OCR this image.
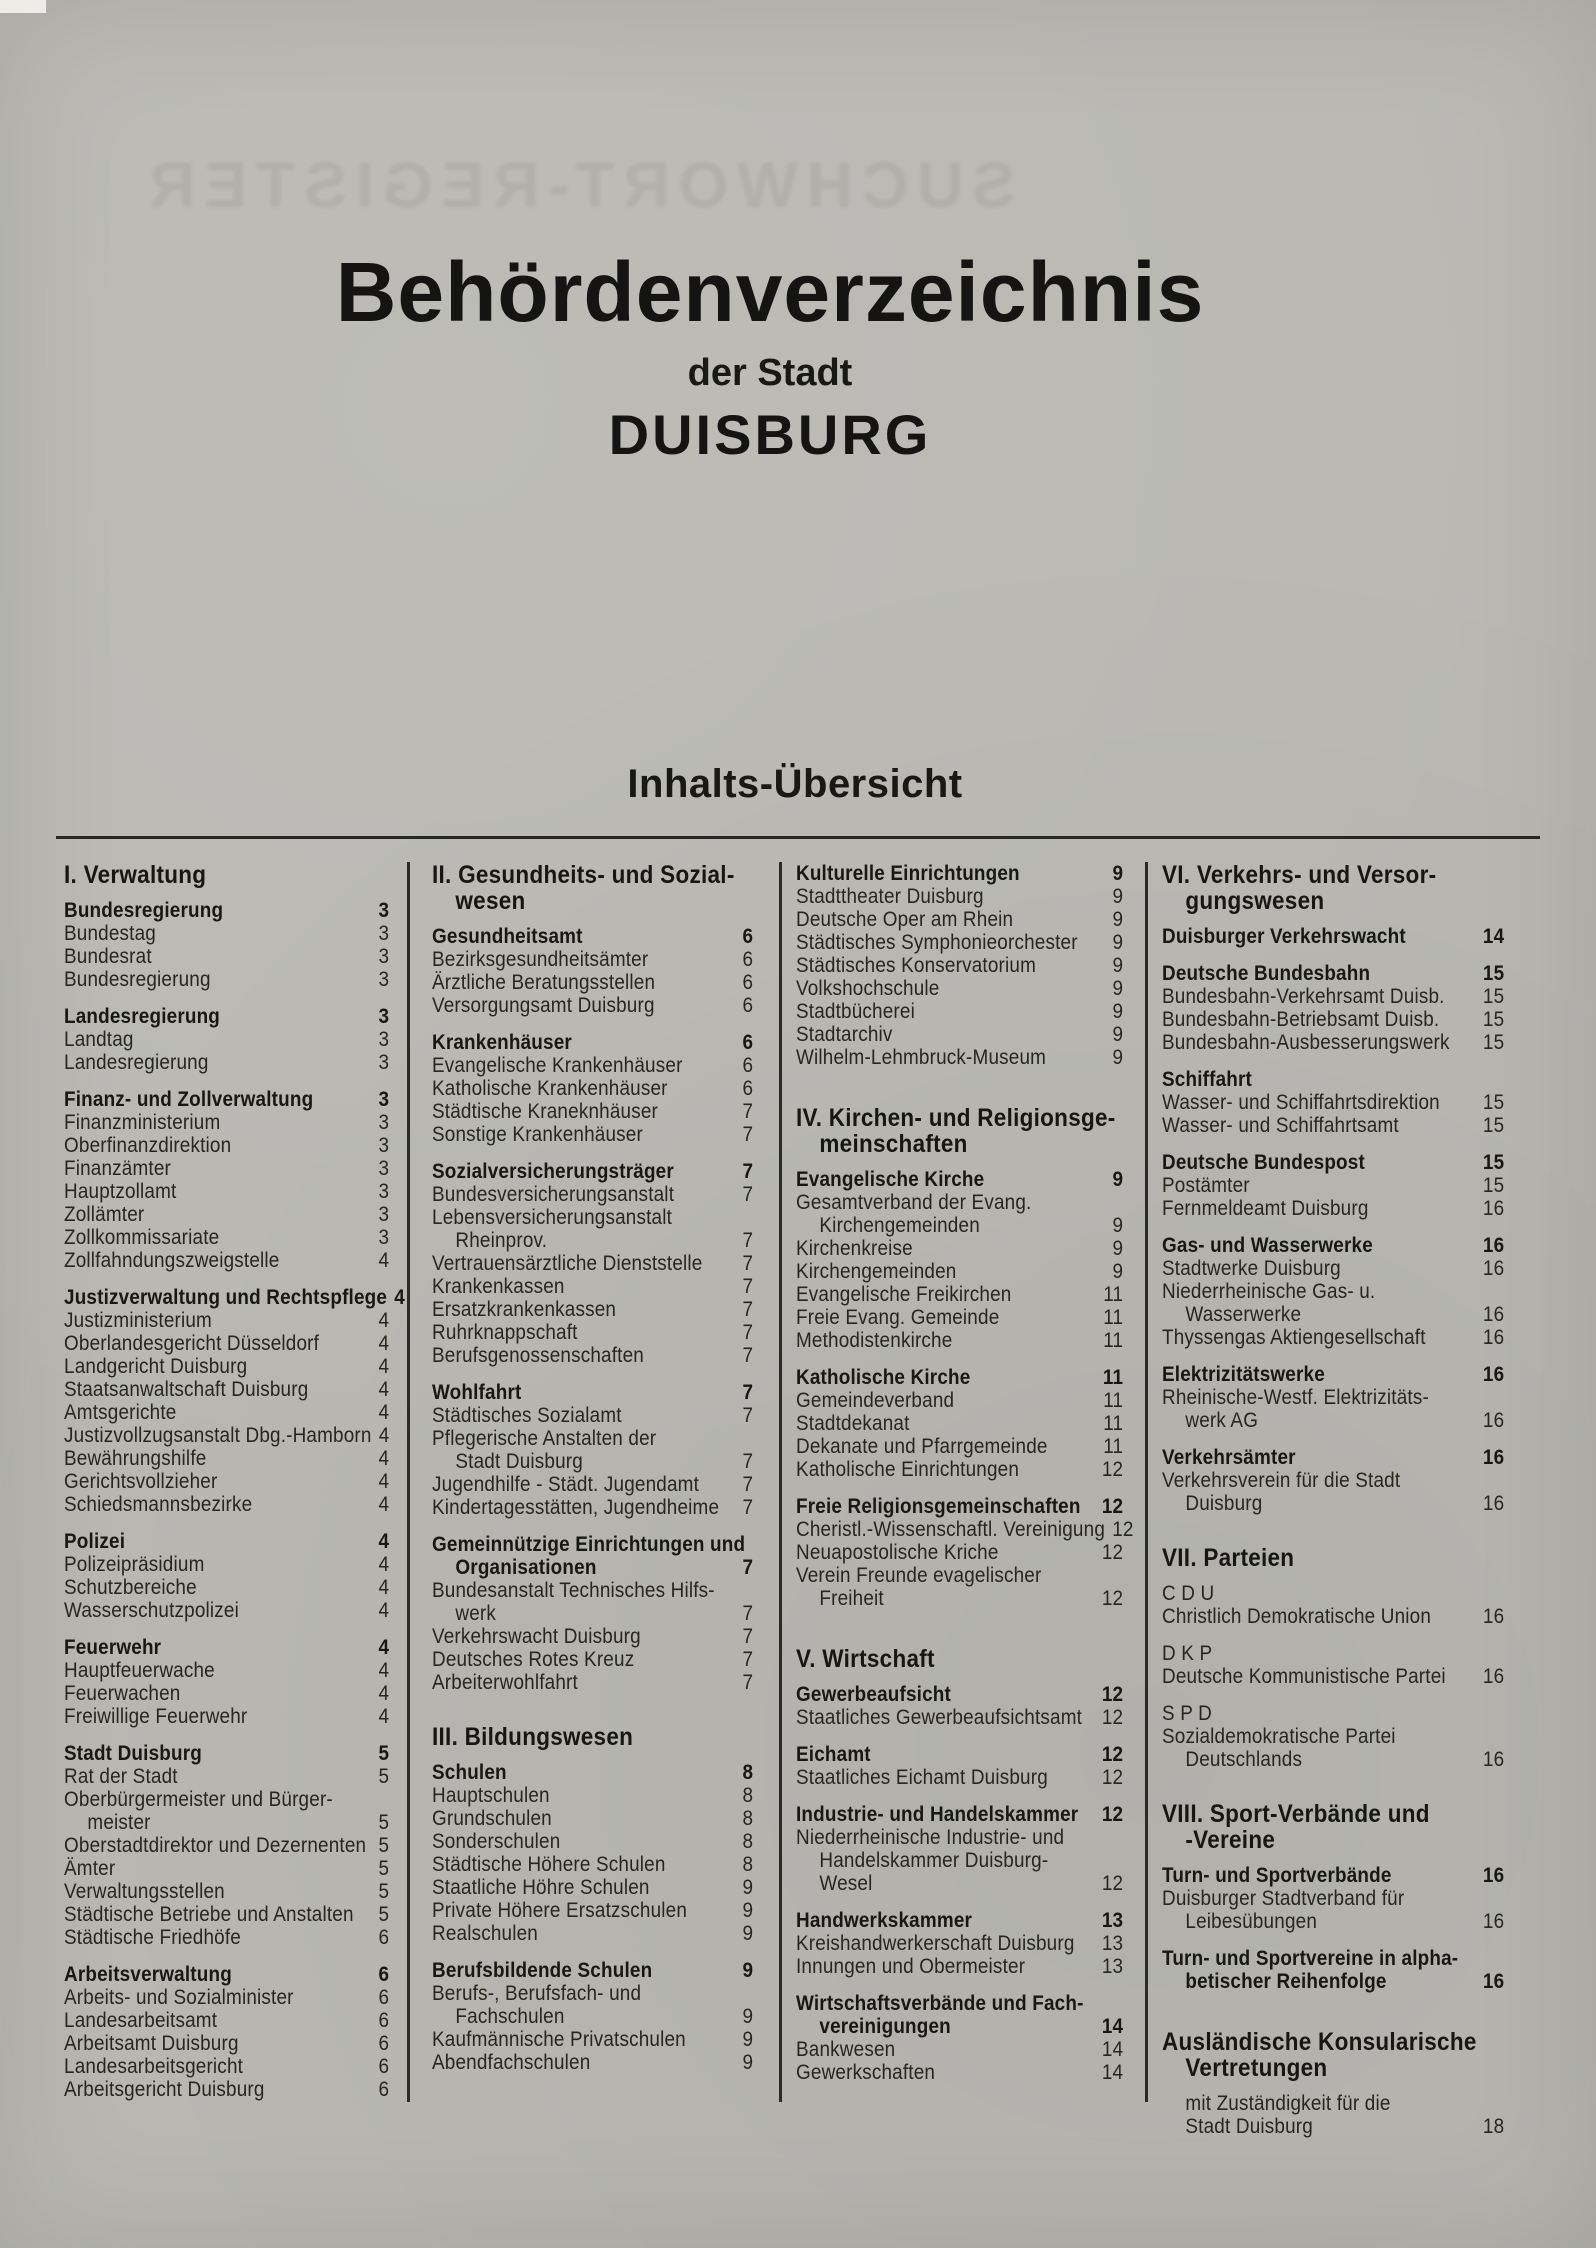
SUCHWORT-REGISTER
Behördenverzeichnis
der Stadt
DUISBURG
Inhalts-Übersicht
I. Verwaltung
Bundesregierung	3
Bundestag	3
Bundesrat	3
Bundesregierung	3
Landesregierung	3
Landtag	3
Landesregierung	3
Finanz- und Zollverwaltung	3
Finanzministerium	3
Oberfinanzdirektion	3
Finanzämter	3
Hauptzollamt	3
Zollämter	3
Zollkommissariate	3
Zollfahndungszweigstelle	4
Justizverwaltung und Rechtspflege 4
Justizministerium	4
Oberlandesgericht Düsseldorf	4
Landgericht Duisburg	4
Staatsanwaltschaft Duisburg	4
Amtsgerichte	4
Justizvollzugsanstalt Dbg.-Hamborn 4
Bewährungshilfe	4
Gerichtsvollzieher	4
Schiedsmannsbezirke	4
Polizei	4
Polizeipräsidium	4
Schutzbereiche	4
Wasserschutzpolizei	4
Feuerwehr	4
Hauptfeuerwache	4
Feuerwachen	4
Freiwillige Feuerwehr	4
Stadt Duisburg	5
Rat der Stadt	5
Oberbürgermeister und Bürger-
meister	5
Oberstadtdirektor und Dezernenten 5
Ämter	5
Verwaltungsstellen	5
Städtische Betriebe und Anstalten 5
Städtische Friedhöfe	6
Arbeitsverwaltung	6
Arbeits- und Sozialminister	6
Landesarbeitsamt	6
Arbeitsamt Duisburg	6
Landesarbeitsgericht	6
Arbeitsgericht Duisburg	6
II. Gesundheits- und Sozial-
wesen
Gesundheitsamt	6
Bezirksgesundheitsämter	6
Ärztliche Beratungsstellen	6
Versorgungsamt Duisburg	6
Krankenhäuser	6
Evangelische Krankenhäuser	6
Katholische Krankenhäuser	6
Städtische Kraneknhäuser	7
Sonstige Krankenhäuser	7
Sozialversicherungsträger	7
Bundesversicherungsanstalt	7
Lebensversicherungsanstalt
Rheinprov.	7
Vertrauensärztliche Dienststelle 7
Krankenkassen	7
Ersatzkrankenkassen	7
Ruhrknappschaft	7
Berufsgenossenschaften	7
Wohlfahrt	7
Städtisches Sozialamt	7
Pflegerische Anstalten der
Stadt Duisburg	7
Jugendhilfe - Städt. Jugendamt 7
Kindertagesstätten, Jugendheime 7
Gemeinnützige Einrichtungen und
Organisationen	7
Bundesanstalt Technisches Hilfs-
werk	7
Verkehrswacht Duisburg	7
Deutsches Rotes Kreuz	7
Arbeiterwohlfahrt	7
III. Bildungswesen
Schulen	8
Hauptschulen	8
Grundschulen	8
Sonderschulen	8
Städtische Höhere Schulen	8
Staatliche Höhre Schulen	9
Private Höhere Ersatzschulen	9
Realschulen	9
Berufsbildende Schulen	9
Berufs-, Berufsfach- und
Fachschulen	9
Kaufmännische Privatschulen	9
Abendfachschulen	9
Kulturelle Einrichtungen	9
Stadttheater Duisburg	9
Deutsche Oper am Rhein	9
Städtisches Symphonieorchester 9
Städtisches Konservatorium	9
Volkshochschule	9
Stadtbücherei	9
Stadtarchiv	9
Wilhelm-Lehmbruck-Museum	9
IV. Kirchen- und Religionsge-
meinschaften
Evangelische Kirche	9
Gesamtverband der Evang.
Kirchengemeinden	9
Kirchenkreise	9
Kirchengemeinden	9
Evangelische Freikirchen	11
Freie Evang. Gemeinde	11
Methodistenkirche	11
Katholische Kirche	11
Gemeindeverband	11
Stadtdekanat	11
Dekanate und Pfarrgemeinde	11
Katholische Einrichtungen	12
Freie Religionsgemeinschaften 12
Cheristl.-Wissenschaftl. Vereinigung 12
Neuapostolische Kriche	12
Verein Freunde evagelischer
Freiheit	12
V. Wirtschaft
Gewerbeaufsicht	12
Staatliches Gewerbeaufsichtsamt 12
Eichamt	12
Staatliches Eichamt Duisburg	12
Industrie- und Handelskammer 12
Niederrheinische Industrie- und
Handelskammer Duisburg-
Wesel	12
Handwerkskammer	13
Kreishandwerkerschaft Duisburg 13
Innungen und Obermeister	13
Wirtschaftsverbände und Fach-
vereinigungen	14
Bankwesen	14
Gewerkschaften	14
VI. Verkehrs- und Versor-
gungswesen
Duisburger Verkehrswacht	14
Deutsche Bundesbahn	15
Bundesbahn-Verkehrsamt Duisb. 15
Bundesbahn-Betriebsamt Duisb. 15
Bundesbahn-Ausbesserungswerk 15
Schiffahrt
Wasser- und Schiffahrtsdirektion 15
Wasser- und Schiffahrtsamt	15
Deutsche Bundespost	15
Postämter	15
Fernmeldeamt Duisburg	16
Gas- und Wasserwerke	16
Stadtwerke Duisburg	16
Niederrheinische Gas- u.
Wasserwerke	16
Thyssengas Aktiengesellschaft	16
Elektrizitätswerke	16
Rheinische-Westf. Elektrizitäts-
werk AG	16
Verkehrsämter	16
Verkehrsverein für die Stadt
Duisburg	16
VII. Parteien
C D U
Christlich Demokratische Union 16
D K P
Deutsche Kommunistische Partei 16
S P D
Sozialdemokratische Partei
Deutschlands	16
VIII. Sport-Verbände und
-Vereine
Turn- und Sportverbände	16
Duisburger Stadtverband für
Leibesübungen	16
Turn- und Sportvereine in alpha-
betischer Reihenfolge	16
Ausländische Konsularische
Vertretungen
mit Zuständigkeit für die
Stadt Duisburg	18
